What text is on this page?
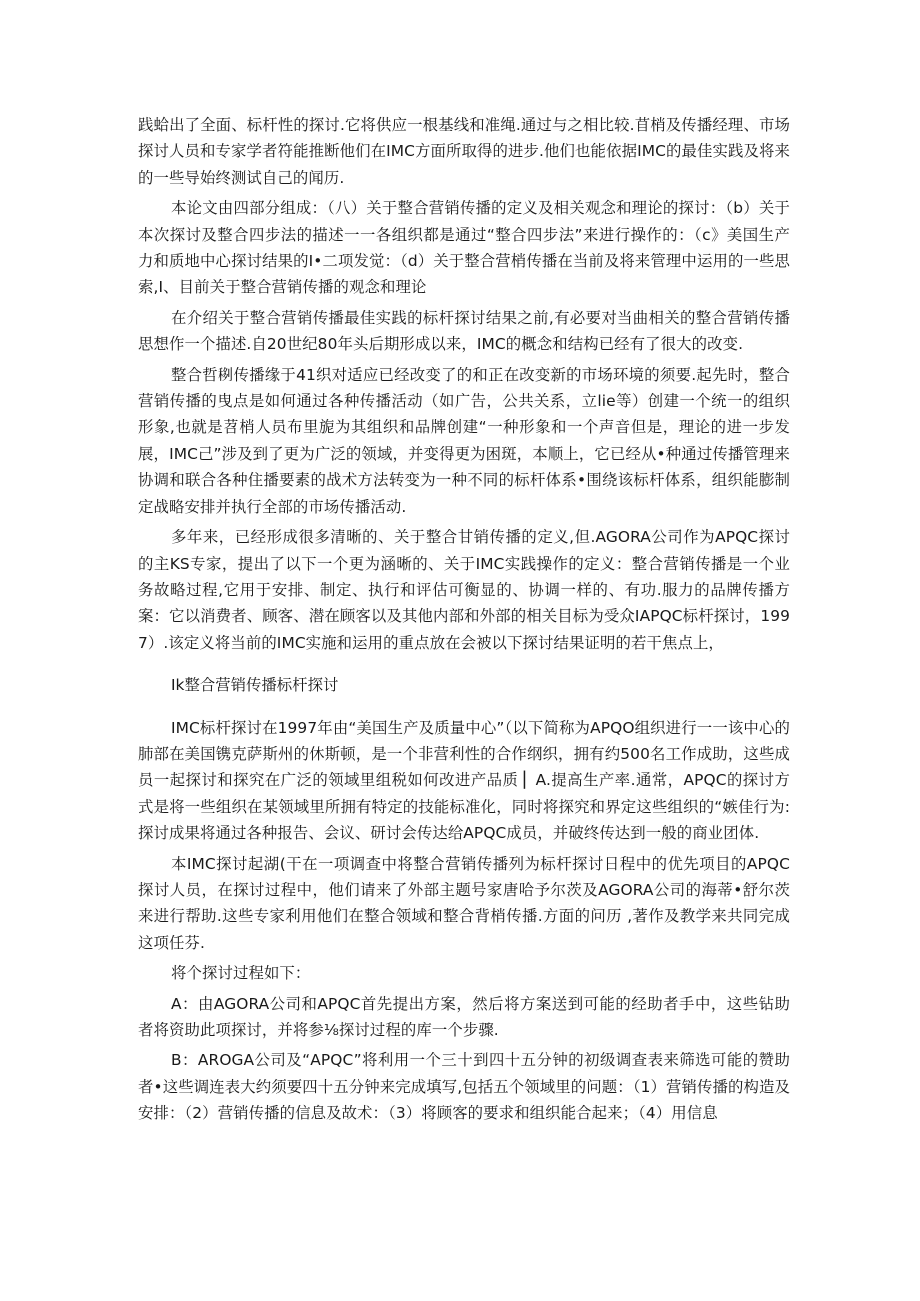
践蛤出了全面、标杆性的探讨.它将供应一根基线和准绳.通过与之相比较.苜梢及传播经理、市场探讨人员和专家学者符能推断他们在IMC方面所取得的进步.他们也能依据IMC的最佳实践及将来的一些导始终测试自己的闻历.

本论文由四部分组成：（八）关于整合营销传播的定义及相关观念和理论的探讨：（b）关于本次探讨及整合四步法的描述一一各组织都是通过“整合四步法”来进行操作的：（c》美国生产力和质地中心探讨结果的I•二项发觉：（d）关于整合营梢传播在当前及将来管理中运用的一些思索,I、目前关于整合营销传播的观念和理论

在介绍关于整合营销传播最佳实践的标杆探讨结果之前,有必要对当曲相关的整合营销传播思想作一个描述.自20世纪80年头后期形成以来，IMC的概念和结构已经有了很大的改变.

整合哲𥟻传播缘于41织对适应已经改变了的和正在改变新的市场环境的须要.起先时，整合营销传播的曳点是如何通过各种传播活动（如广告，公共关系，立lie等）创建一个统一的组织形象,也就是苕梢人员布里旎为其组织和品牌创建“一种形象和一个声音但是，理论的进一步发展，IMC己”涉及到了更为广泛的领域，并变得更为困斑，本顺上，它已经从•种通过传播管理来协调和联合各种住播要素的战术方法转变为一种不同的标杆体系•围绕该标杆体系，组织能膨制定战略安排并执行全部的市场传播活动.

多年来，已经形成很多清晰的、关于整合甘销传播的定义,但.AGORA公司作为APQC探讨的主KS专家，提出了以下一个更为涵晰的、关于IMC实践操作的定义：整合营销传播是一个业务故略过程,它用于安排、制定、执行和评估可衡显的、协调一样的、有功.服力的品牌传播方案：它以消费者、顾客、潜在顾客以及其他内部和外部的相关目标为受众IAPQC标杆探讨，1997）.该定义将当前的IMC实施和运用的重点放在会被以下探讨结果证明的若干焦点上，

Ik整合营销传播标杆探讨

IMC标杆探讨在1997年由“美国生产及质量中心”（以下简称为APQO组织进行一一该中心的肺部在美国镌克萨斯州的休斯顿，是一个非营利性的合作纲织，拥有约500名工作成助，这些成员一起探讨和探究在广泛的领域里组税如何改进产品质 ▏A.提高生产率.通常，APQC的探讨方式是将一些组织在某领域里所拥有特定的技能标准化，同时将探究和界定这些组织的“嫉佳行为:探讨成果将通过各种报告、会议、研讨会传达给APQC成员，并破终传达到一般的商业团体.

本IMC探讨起湖(干在一项调查中将整合营销传播列为标杆探讨日程中的优先项目的APQC探讨人员，在探讨过程中，他们请来了外部主题号家唐哈予尔茨及AGORA公司的海蒂•舒尔茨来进行帮助.这些专家利用他们在整合领域和整合背梢传播.方面的问历 ,著作及教学来共同完成这项任芬.

将个探讨过程如下：

A：由AGORA公司和APQC首先提出方案，然后将方案送到可能的经助者手中，这些钻助者将资助此项探讨，并将参⅛探讨过程的库一个步骤.

B：AROGA公司及“APQC”将利用一个三十到四十五分钟的初级调查表来筛选可能的赞助者•这些调连表大约须要四十五分钟来完成填写,包括五个领域里的问题：（1）营销传播的构造及安排：（2）营销传播的信息及故术：（3）将顾客的要求和组织能合起来；（4）用信息
